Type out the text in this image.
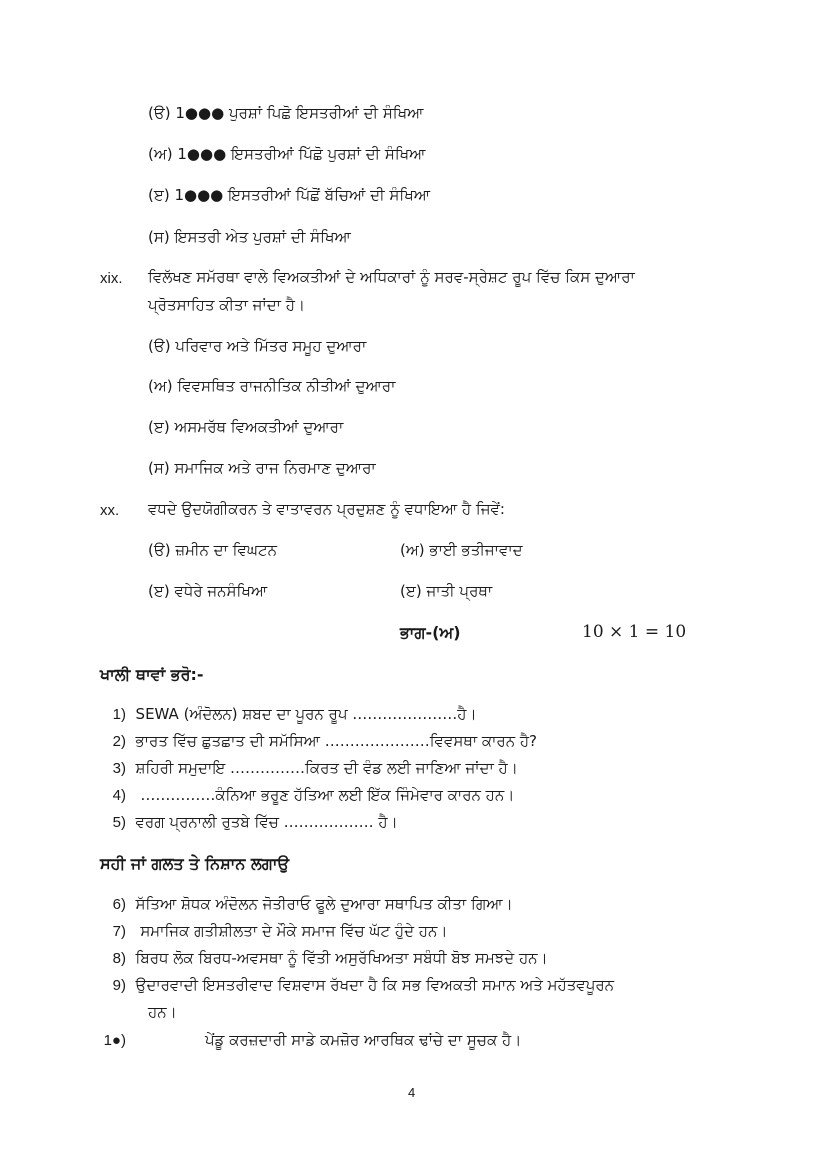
(ੳ) 1●●● ਪੁਰਸ਼ਾਂ ਪਿਛੋ ਇਸਤਰੀਆਂ ਦੀ ਸੰਖਿਆ
(ਅ) 1●●● ਇਸਤਰੀਆਂ ਪਿੱਛੋ ਪੁਰਸ਼ਾਂ ਦੀ ਸੰਖਿਆ
(ੲ) 1●●● ਇਸਤਰੀਆਂ ਪਿੱਛੋਂ ਬੱਚਿਆਂ ਦੀ ਸੰਖਿਆ
(ਸ) ਇਸਤਰੀ ਅੇਤ ਪੁਰਸ਼ਾਂ ਦੀ ਸੰਖਿਆ
xix. ਵਿਲੱਖਣ ਸਮੱਰਥਾ ਵਾਲੇ ਵਿਅਕਤੀਆਂ ਦੇ ਅਧਿਕਾਰਾਂ ਨੂੰ ਸਰਵ-ਸ੍ਰੇਸ਼ਟ ਰੂਪ ਵਿੱਚ ਕਿਸ ਦੁਆਰਾ
ਪ੍ਰੋਤਸਾਹਿਤ ਕੀਤਾ ਜਾਂਦਾ ਹੈ।
(ੳ) ਪਰਿਵਾਰ ਅਤੇ ਮਿੱਤਰ ਸਮੂਹ ਦੁਆਰਾ
(ਅ) ਵਿਵਸਥਿਤ ਰਾਜਨੀਤਿਕ ਨੀਤੀਆਂ ਦੁਆਰਾ
(ੲ) ਅਸਮਰੱਥ ਵਿਅਕਤੀਆਂ ਦੁਆਰਾ
(ਸ) ਸਮਾਜਿਕ ਅਤੇ ਰਾਜ ਨਿਰਮਾਣ ਦੁਆਰਾ
xx. ਵਧਦੇ ਉਦਯੋਗੀਕਰਨ ਤੇ ਵਾਤਾਵਰਨ ਪ੍ਰਦੁਸ਼ਣ ਨੂੰ ਵਧਾਇਆ ਹੈ ਜਿਵੇਂ:
(ੳ) ਜ਼ਮੀਨ ਦਾ ਵਿਘਟਨ	(ਅ) ਭਾਈ ਭਤੀਜਾਵਾਦ
(ੲ) ਵਧੇਰੇ ਜਨਸੰਖਿਆ	(ੲ) ਜਾਤੀ ਪ੍ਰਥਾ
ਭਾਗ-(ਅ)	10 × 1 = 10
ਖਾਲੀ ਥਾਵਾਂ ਭਰੋ:-
1) SEWA (ਅੰਦੋਲਨ) ਸ਼ਬਦ ਦਾ ਪੂਰਨ ਰੂਪ …………………ਹੈ।
2) ਭਾਰਤ ਵਿੱਚ ਛੁਤਛਾਤ ਦੀ ਸਮੱਸਿਆ …………………ਵਿਵਸਥਾ ਕਾਰਨ ਹੈ?
3) ਸ਼ਹਿਰੀ ਸਮੁਦਾਇ ……………ਕਿਰਤ ਦੀ ਵੰਡ ਲਈ ਜਾਣਿਆ ਜਾਂਦਾ ਹੈ।
4)   ……………ਕੰਨਿਆ ਭਰੂਣ ਹੱਤਿਆ ਲਈ ਇੱਕ ਜਿੰਮੇਵਾਰ ਕਾਰਨ ਹਨ।
5) ਵਰਗ ਪ੍ਰਨਾਲੀ ਰੁਤਬੇ ਵਿੱਚ ……………… ਹੈ।
ਸਹੀ ਜਾਂ ਗਲਤ ਤੇ ਨਿਸ਼ਾਨ ਲਗਾਉ
6) ਸੱਤਿਆ ਸ਼ੋਧਕ ਅੰਦੋਲਨ ਜੋਤੀਰਾਓ ਫੂਲੇ ਦੁਆਰਾ ਸਥਾਪਿਤ ਕੀਤਾ ਗਿਆ।
7)   ਸਮਾਜਿਕ ਗਤੀਸ਼ੀਲਤਾ ਦੇ ਮੌਕੇ ਸਮਾਜ ਵਿੱਚ ਘੱਟ ਹੁੰਦੇ ਹਨ।
8) ਬਿਰਧ ਲੋਕ ਬਿਰਧ-ਅਵਸਥਾ ਨੂੰ ਵਿੱਤੀ ਅਸੁਰੱਖਿਅਤਾ ਸਬੰਧੀ ਬੋਝ ਸਮਝਦੇ ਹਨ।
9) ਉਦਾਰਵਾਦੀ ਇਸਤਰੀਵਾਦ ਵਿਸ਼ਵਾਸ ਰੱਖਦਾ ਹੈ ਕਿ ਸਭ ਵਿਅਕਤੀ ਸਮਾਨ ਅਤੇ ਮਹੱਤਵਪੂਰਨ
ਹਨ।
1●)	ਪੇਂਡੂ ਕਰਜ਼ਦਾਰੀ ਸਾਡੇ ਕਮਜ਼ੋਰ ਆਰਥਿਕ ਢਾਂਚੇ ਦਾ ਸੂਚਕ ਹੈ।
4
